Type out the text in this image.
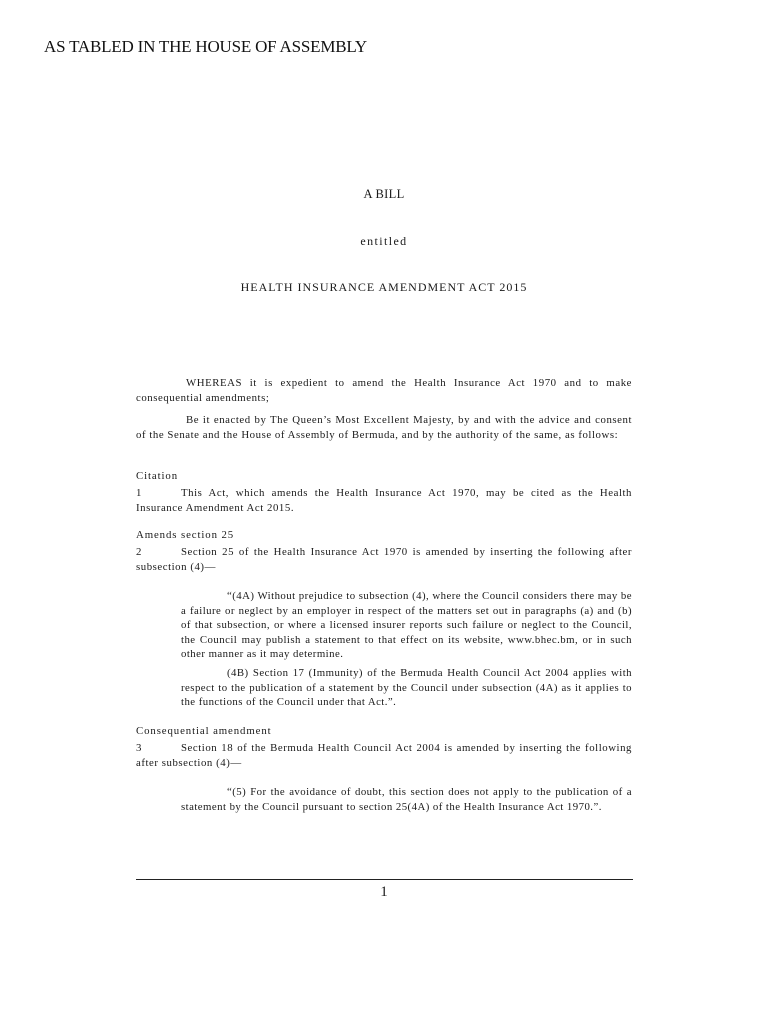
AS TABLED IN THE HOUSE OF ASSEMBLY
A BILL
entitled
HEALTH INSURANCE AMENDMENT ACT 2015

WHEREAS it is expedient to amend the Health Insurance Act 1970 and to make consequential amendments;

Be it enacted by The Queen’s Most Excellent Majesty, by and with the advice and consent of the Senate and the House of Assembly of Bermuda, and by the authority of the same, as follows:

Citation
1	This Act, which amends the Health Insurance Act 1970, may be cited as the Health Insurance Amendment Act 2015.
Amends section 25
2	Section 25 of the Health Insurance Act 1970 is amended by inserting the following after subsection (4)—

“(4A) Without prejudice to subsection (4), where the Council considers there may be a failure or neglect by an employer in respect of the matters set out in paragraphs (a) and (b) of that subsection, or where a licensed insurer reports such failure or neglect to the Council, the Council may publish a statement to that effect on its website, www.bhec.bm, or in such other manner as it may determine.

(4B) Section 17 (Immunity) of the Bermuda Health Council Act 2004 applies with respect to the publication of a statement by the Council under subsection (4A) as it applies to the functions of the Council under that Act.”.

Consequential amendment
3	Section 18 of the Bermuda Health Council Act 2004 is amended by inserting the following after subsection (4)—

“(5) For the avoidance of doubt, this section does not apply to the publication of a statement by the Council pursuant to section 25(4A) of the Health Insurance Act 1970.”.

1
